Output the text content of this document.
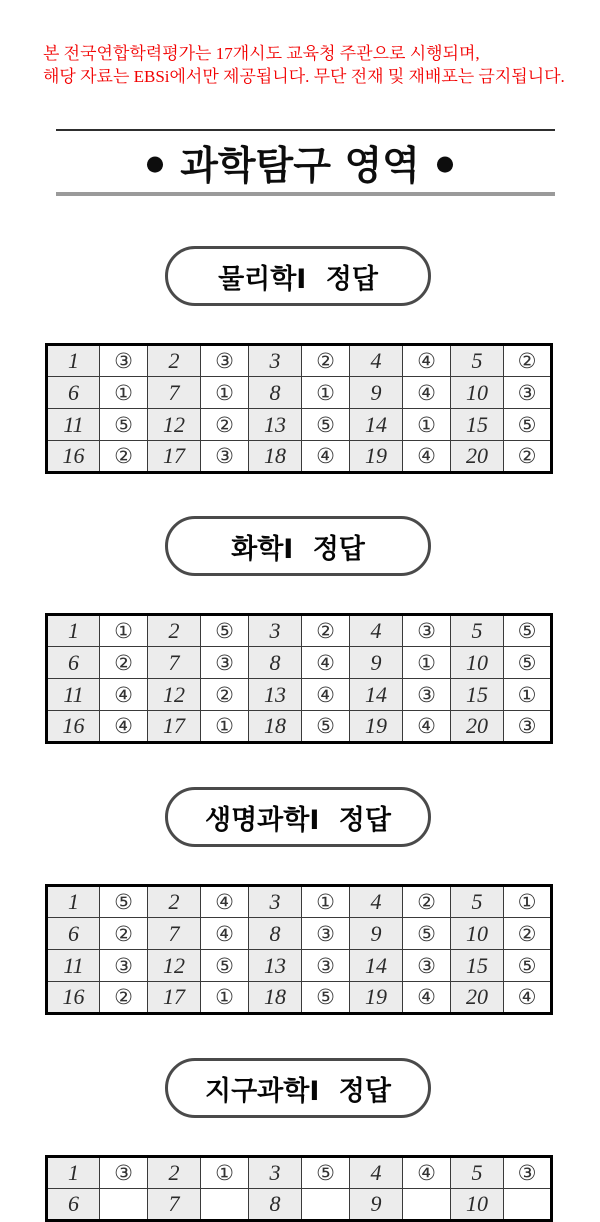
본 전국연합학력평가는 17개시도 교육청 주관으로 시행되며,
해당 자료는 EBSi에서만 제공됩니다. 무단 전재 및 재배포는 금지됩니다.
● 과학탐구 영역 ●
물리학Ⅰ 정답
1	③	2	③	3	②	4	④	5	②
6	①	7	①	8	①	9	④	10	③
11	⑤	12	②	13	⑤	14	①	15	⑤
16	②	17	③	18	④	19	④	20	②
화학Ⅰ 정답
1	①	2	⑤	3	②	4	③	5	⑤
6	②	7	③	8	④	9	①	10	⑤
11	④	12	②	13	④	14	③	15	①
16	④	17	①	18	⑤	19	④	20	③
생명과학Ⅰ 정답
1	⑤	2	④	3	①	4	②	5	①
6	②	7	④	8	③	9	⑤	10	②
11	③	12	⑤	13	③	14	③	15	⑤
16	②	17	①	18	⑤	19	④	20	④
지구과학Ⅰ 정답
1	③	2	①	3	⑤	4	④	5	③
6		7		8		9		10	
